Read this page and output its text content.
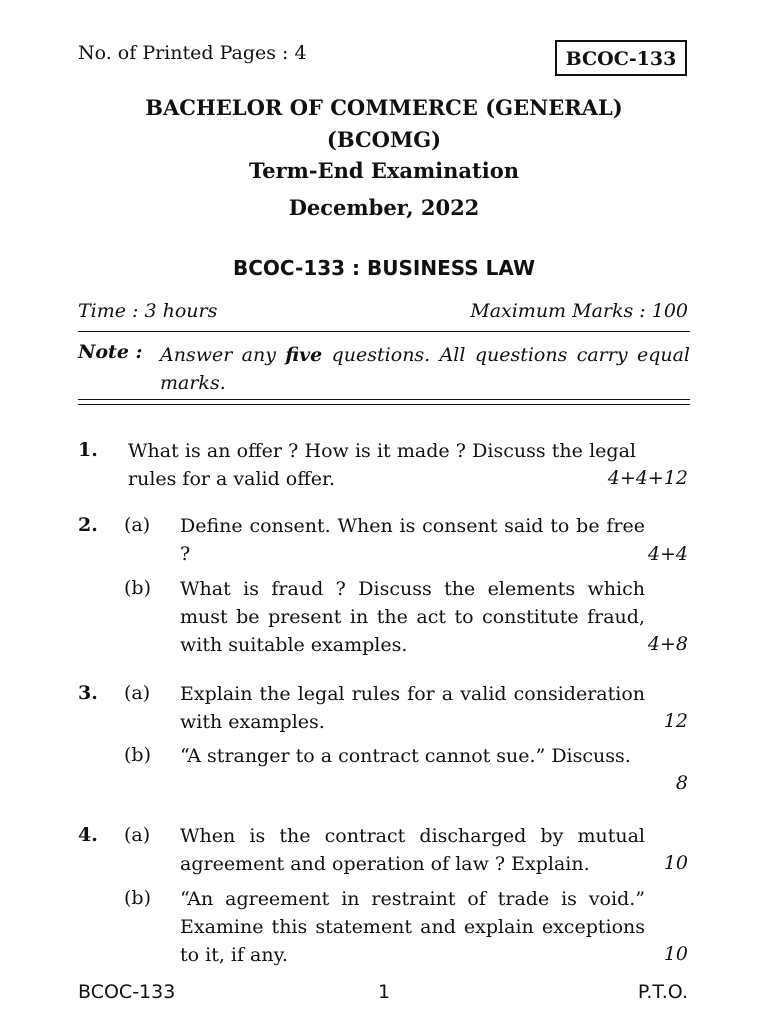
No. of Printed Pages : 4	BCOC-133
BACHELOR OF COMMERCE (GENERAL)
(BCOMG)
Term-End Examination
December, 2022
BCOC-133 : BUSINESS LAW
Time : 3 hours	Maximum Marks : 100
Note : Answer any five questions. All questions carry equal marks.
1. What is an offer ? How is it made ? Discuss the legal rules for a valid offer.	4+4+12
2. (a) Define consent. When is consent said to be free ?	4+4
(b) What is fraud ? Discuss the elements which must be present in the act to constitute fraud, with suitable examples.	4+8
3. (a) Explain the legal rules for a valid consideration with examples.	12
(b) “A stranger to a contract cannot sue.” Discuss.
8
4. (a) When is the contract discharged by mutual agreement and operation of law ? Explain.	10
(b) “An agreement in restraint of trade is void.” Examine this statement and explain exceptions to it, if any.	10
BCOC-133	1	P.T.O.
